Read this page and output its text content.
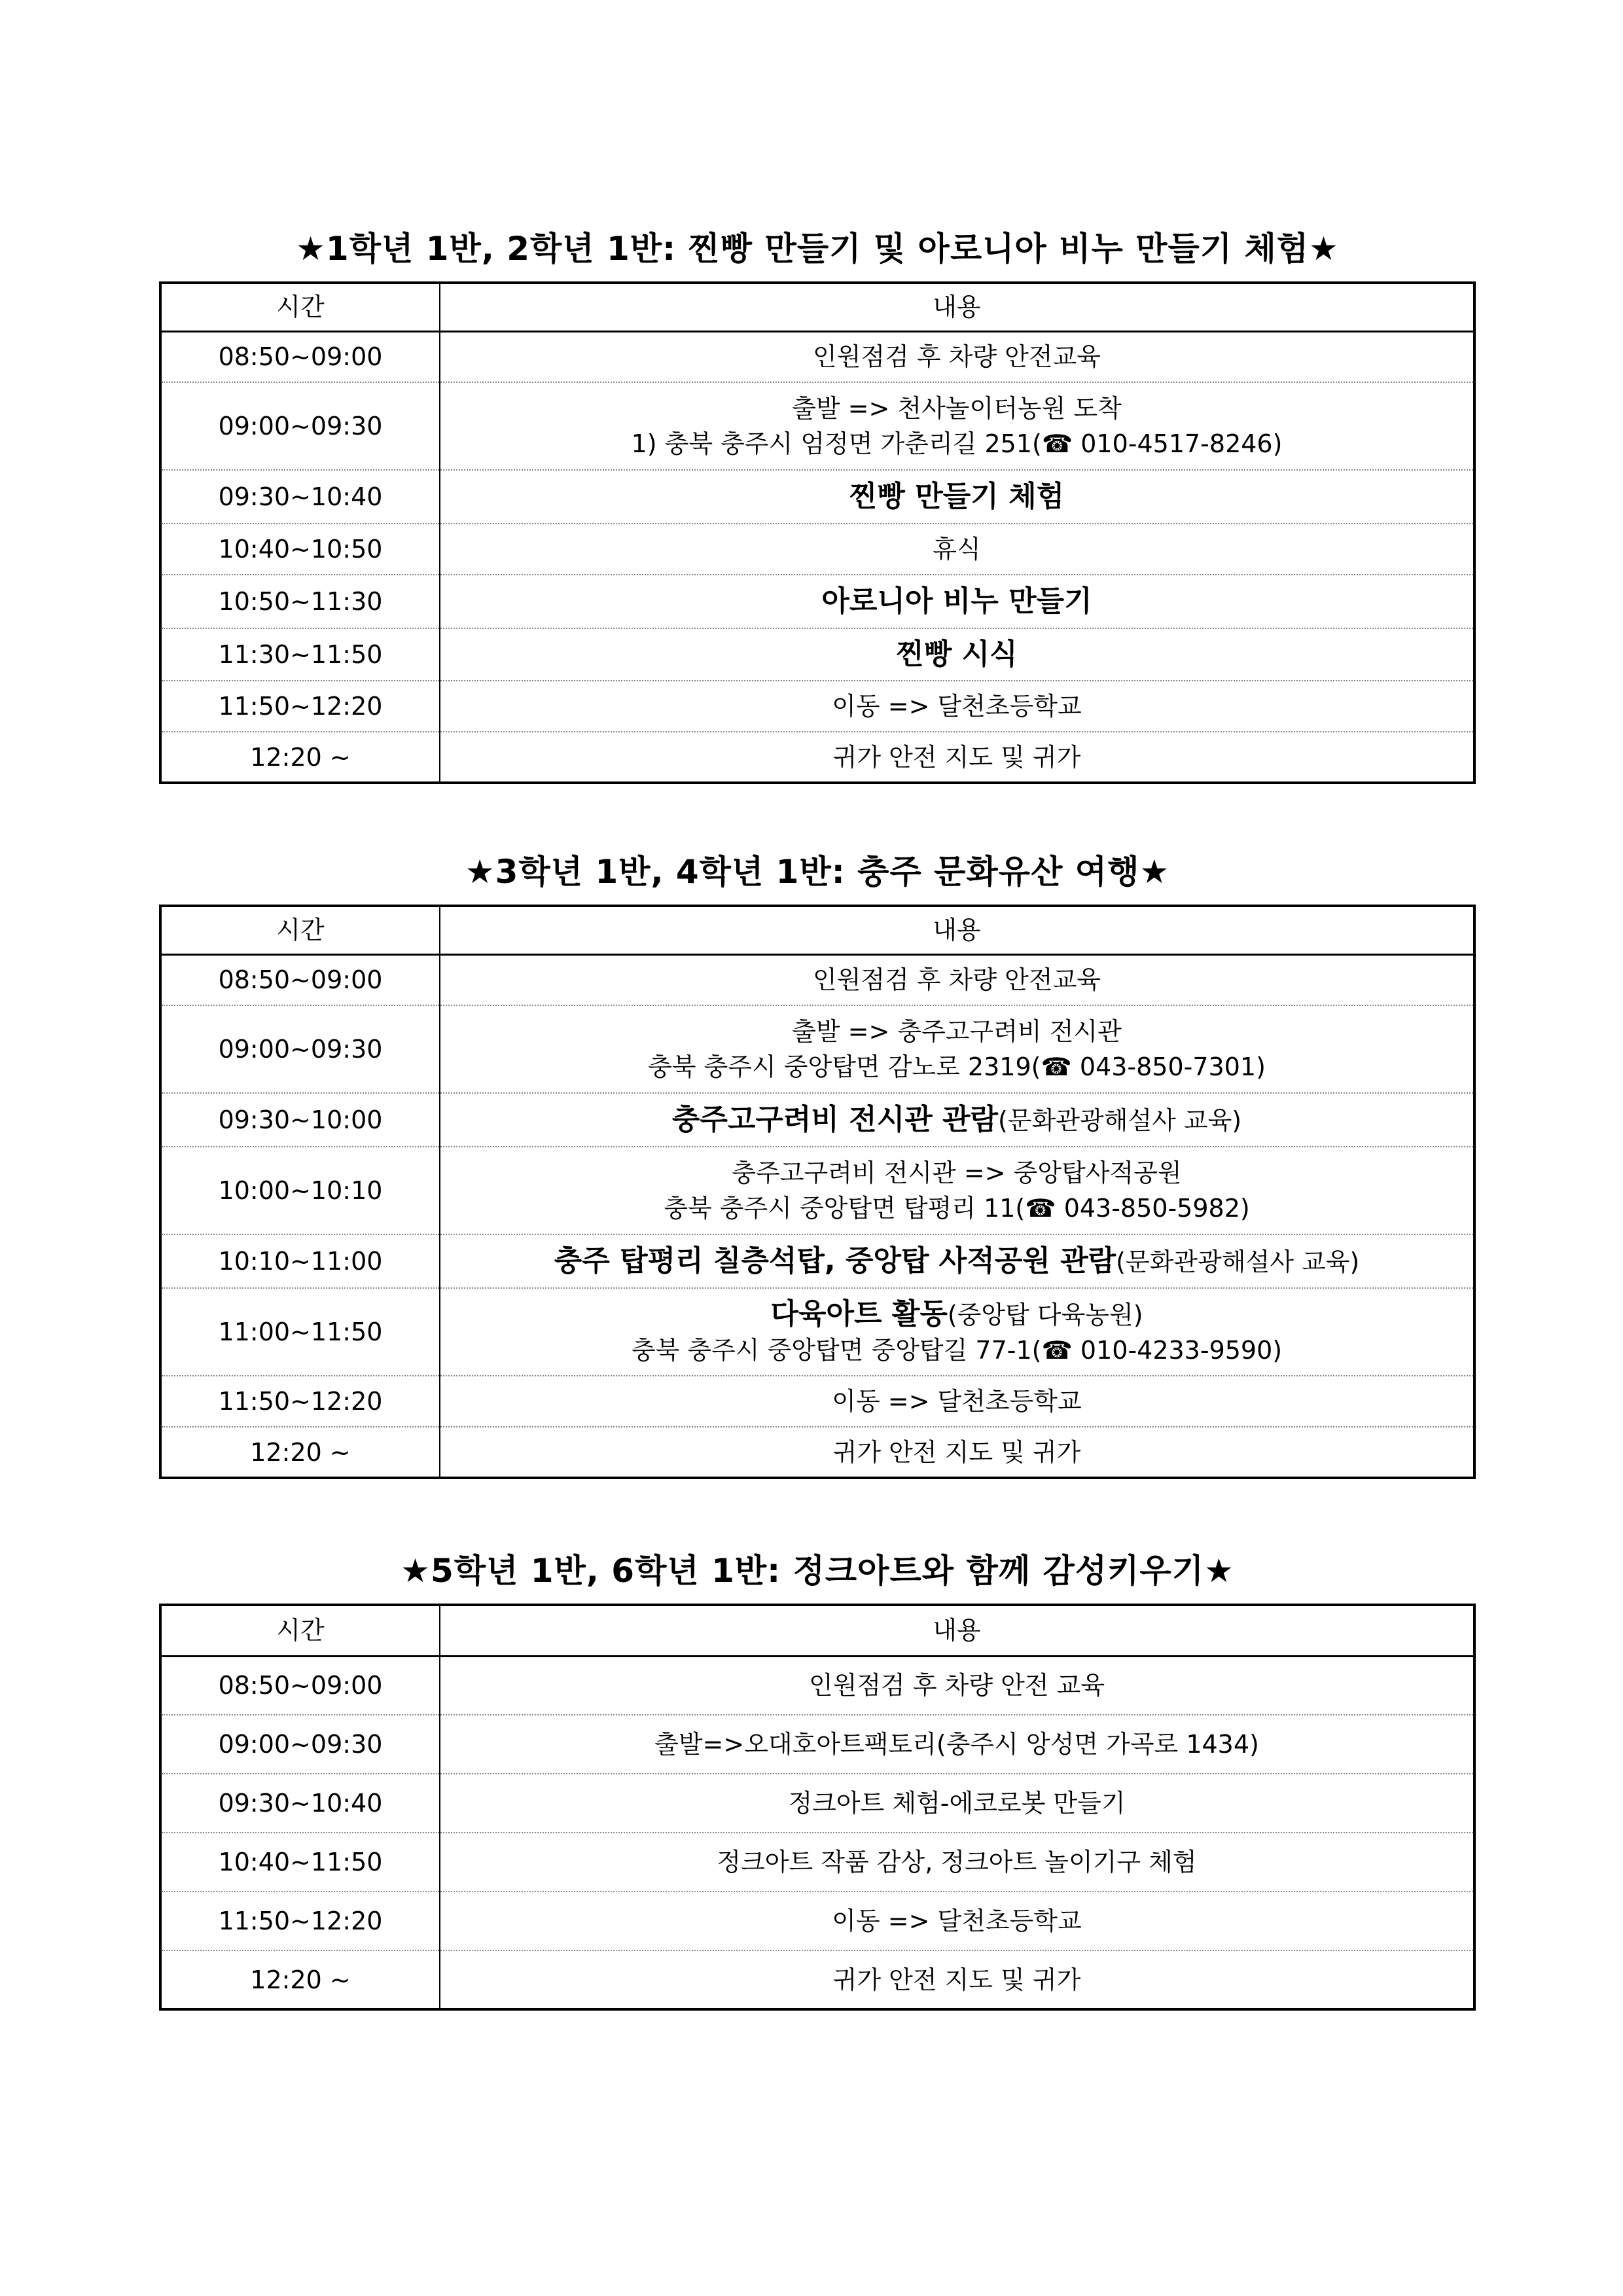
★1학년 1반, 2학년 1반: 찐빵 만들기 및 아로니아 비누 만들기 체험★
시간	내용
08:50~09:00	인원점검 후 차량 안전교육
09:00~09:30	출발 => 천사놀이터농원 도착
1) 충북 충주시 엄정면 가춘리길 251(☎ 010-4517-8246)

09:30~10:40	찐빵 만들기 체험
10:40~10:50	휴식
10:50~11:30	아로니아 비누 만들기
11:30~11:50	찐빵 시식
11:50~12:20	이동 => 달천초등학교
12:20 ~	귀가 안전 지도 및 귀가
★3학년 1반, 4학년 1반: 충주 문화유산 여행★
시간	내용
08:50~09:00	인원점검 후 차량 안전교육
09:00~09:30	출발 => 충주고구려비 전시관
충북 충주시 중앙탑면 감노로 2319(☎ 043-850-7301)

09:30~10:00	충주고구려비 전시관 관람(문화관광해설사 교육)
10:00~10:10	충주고구려비 전시관 => 중앙탑사적공원
충북 충주시 중앙탑면 탑평리 11(☎ 043-850-5982)

10:10~11:00	충주 탑평리 칠층석탑, 중앙탑 사적공원 관람(문화관광해설사 교육)
11:00~11:50	다육아트 활동(중앙탑 다육농원)
충북 충주시 중앙탑면 중앙탑길 77-1(☎ 010-4233-9590)

11:50~12:20	이동 => 달천초등학교
12:20 ~	귀가 안전 지도 및 귀가
★5학년 1반, 6학년 1반: 정크아트와 함께 감성키우기★
시간	내용
08:50~09:00	인원점검 후 차량 안전 교육
09:00~09:30	출발=>오대호아트팩토리(충주시 앙성면 가곡로 1434)
09:30~10:40	정크아트 체험-에코로봇 만들기
10:40~11:50	정크아트 작품 감상, 정크아트 놀이기구 체험
11:50~12:20	이동 => 달천초등학교
12:20 ~	귀가 안전 지도 및 귀가
